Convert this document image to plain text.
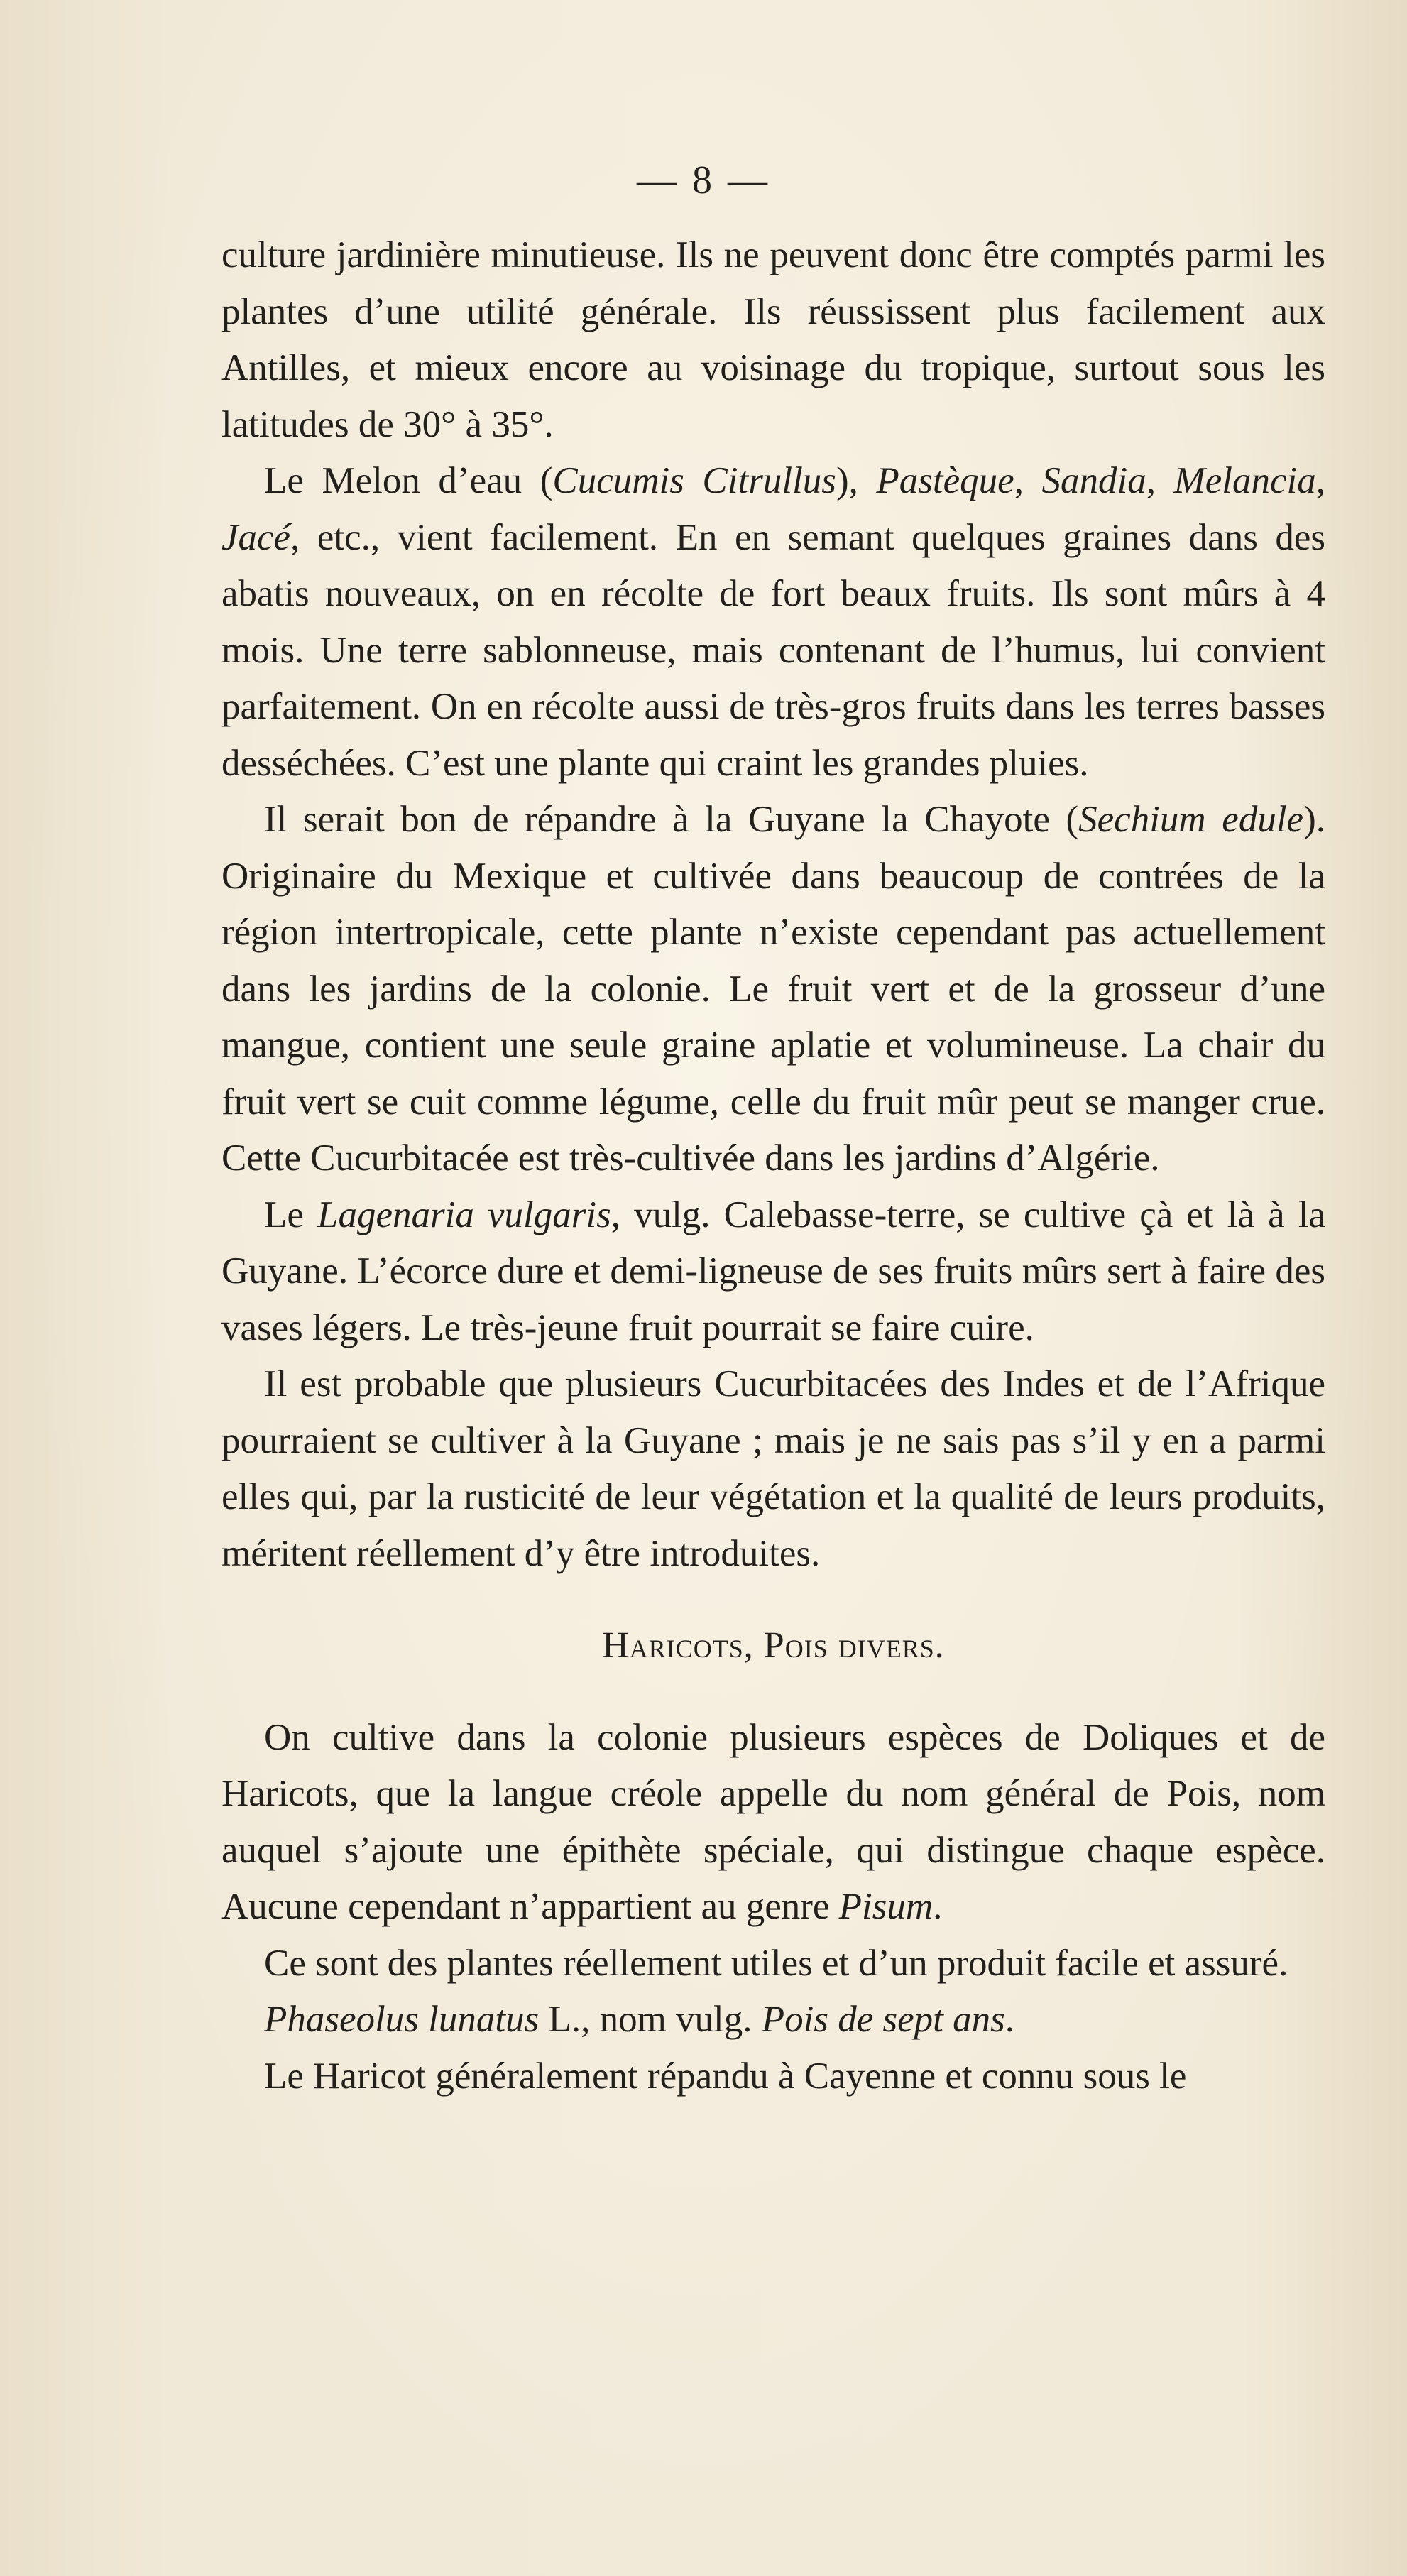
— 8 —

culture jardinière minutieuse. Ils ne peuvent donc être comptés parmi les plantes d’une utilité générale. Ils réussissent plus facilement aux Antilles, et mieux encore au voisinage du tropique, surtout sous les latitudes de 30° à 35°.

Le Melon d’eau (Cucumis Citrullus), Pastèque, Sandia, Melancia, Jacé, etc., vient facilement. En en semant quelques graines dans des abatis nouveaux, on en récolte de fort beaux fruits. Ils sont mûrs à 4 mois. Une terre sablonneuse, mais contenant de l’humus, lui convient parfaitement. On en récolte aussi de très-gros fruits dans les terres basses desséchées. C’est une plante qui craint les grandes pluies.

Il serait bon de répandre à la Guyane la Chayote (Sechium edule). Originaire du Mexique et cultivée dans beaucoup de contrées de la région intertropicale, cette plante n’existe cependant pas actuellement dans les jardins de la colonie. Le fruit vert et de la grosseur d’une mangue, contient une seule graine aplatie et volumineuse. La chair du fruit vert se cuit comme légume, celle du fruit mûr peut se manger crue. Cette Cucurbitacée est très-cultivée dans les jardins d’Algérie.

Le Lagenaria vulgaris, vulg. Calebasse-terre, se cultive çà et là à la Guyane. L’écorce dure et demi-ligneuse de ses fruits mûrs sert à faire des vases légers. Le très-jeune fruit pourrait se faire cuire.

Il est probable que plusieurs Cucurbitacées des Indes et de l’Afrique pourraient se cultiver à la Guyane ; mais je ne sais pas s’il y en a parmi elles qui, par la rusticité de leur végétation et la qualité de leurs produits, méritent réellement d’y être introduites.

Haricots, Pois divers.

On cultive dans la colonie plusieurs espèces de Doliques et de Haricots, que la langue créole appelle du nom général de Pois, nom auquel s’ajoute une épithète spéciale, qui distingue chaque espèce. Aucune cependant n’appartient au genre Pisum.

Ce sont des plantes réellement utiles et d’un produit facile et assuré.

Phaseolus lunatus L., nom vulg. Pois de sept ans.

Le Haricot généralement répandu à Cayenne et connu sous le
